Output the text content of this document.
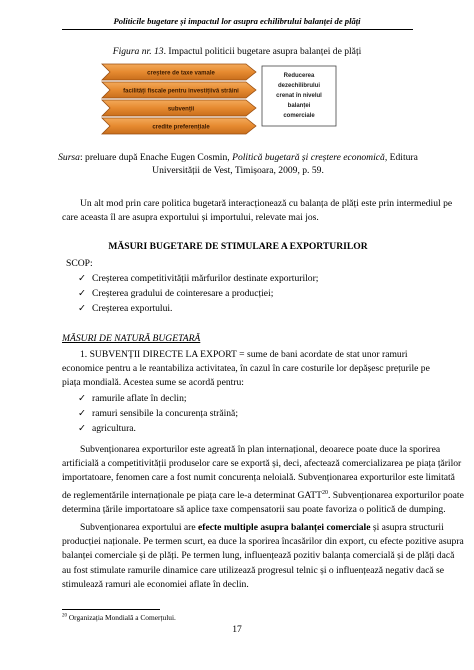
Politicile bugetare și impactul lor asupra echilibrului balanței de plăți
Figura nr. 13. Impactul politicii bugetare asupra balanței de plăți
creștere de taxe vamale
facilități fiscale pentru investițiivă străini
subvenții
credite preferențiale
Reducerea
dezechilibrului
crenat în nivelul
balanței
comerciale
Sursa: preluare după Enache Eugen Cosmin, Politică bugetară și creștere economică, Editura
Universității de Vest, Timișoara, 2009, p. 59.
Un alt mod prin care politica bugetară interacționează cu balanța de plăți este prin intermediul pe
care aceasta îl are asupra exportului și importului, relevate mai jos.
MĂSURI BUGETARE DE STIMULARE A EXPORTURILOR
SCOP:
✓ Creșterea competitivității mărfurilor destinate exporturilor;
✓ Creșterea gradului de cointeresare a producției;
✓ Creșterea exportului.
MĂSURI DE NATURĂ BUGETARĂ
1. SUBVENȚII DIRECTE LA EXPORT = sume de bani acordate de stat unor ramuri
economice pentru a le reantabiliza activitatea, în cazul în care costurile lor depășesc prețurile pe
piața mondială. Acestea sume se acordă pentru:
✓ ramurile aflate în declin;
✓ ramuri sensibile la concurența străină;
✓ agricultura.
Subvenționarea exporturilor este agreată în plan internațional, deoarece poate duce la sporirea
artificială a competitivității produselor care se exportă și, deci, afectează comercializarea pe piața țărilor
importatoare, fenomen care a fost numit concurența neloială. Subvenționarea exporturilor este limitată
de reglementările internaționale pe piața care le-a determinat GATT$^{20}$. Subvenționarea exporturilor poate
determina țările importatoare să aplice taxe compensatorii sau poate favoriza o politică de dumping.
Subvenționarea exportului are efecte multiple asupra balanței comerciale și asupra structurii
producției naționale. Pe termen scurt, ea duce la sporirea încasărilor din export, cu efecte pozitive asupra
balanței comerciale și de plăți. Pe termen lung, influențează pozitiv balanța comercială și de plăți dacă
au fost stimulate ramurile dinamice care utilizează progresul telnic și o influențează negativ dacă se
stimulează ramuri ale economiei aflate în declin.
$^{20}$ Organizația Mondială a Comerțului.
17
